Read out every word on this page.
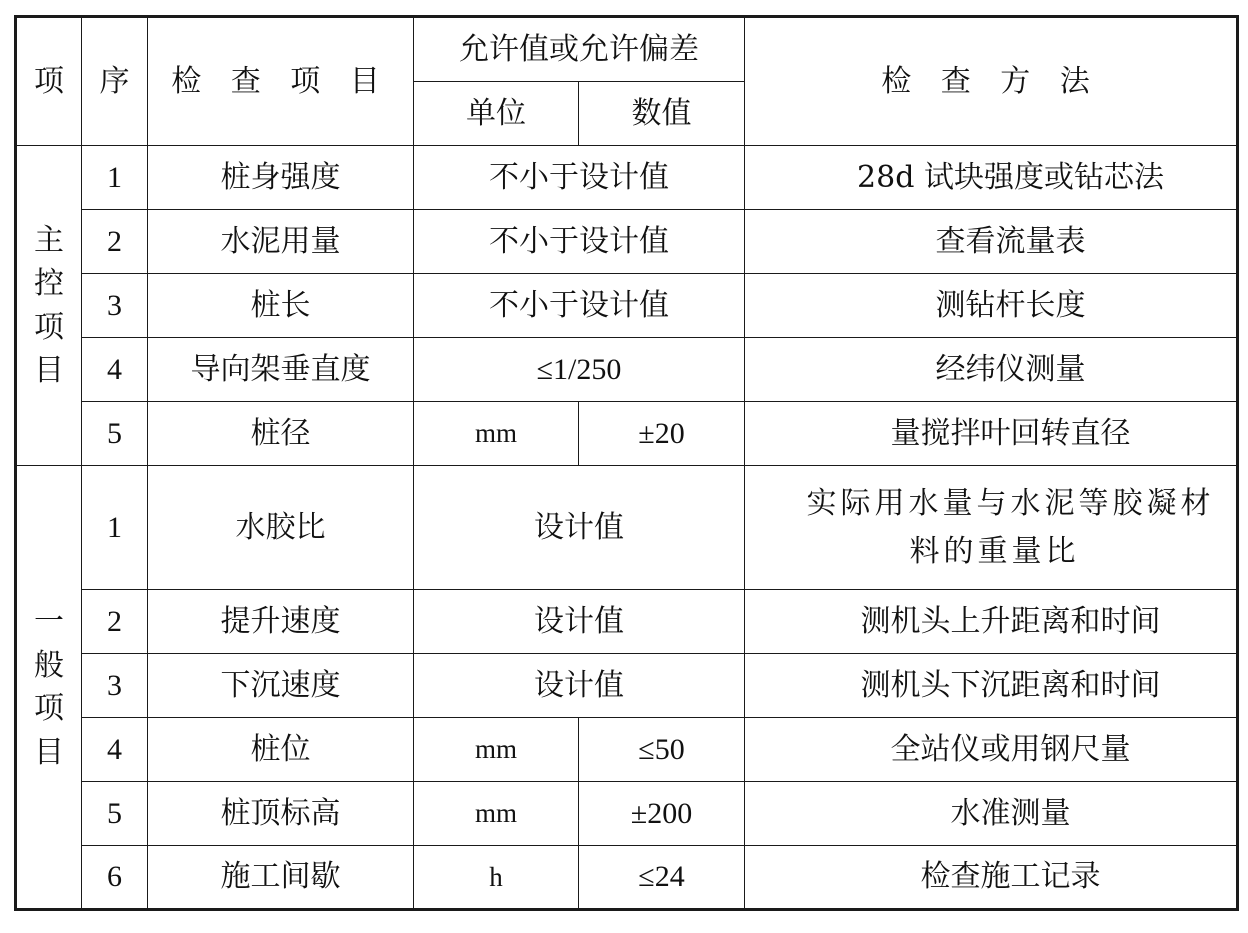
项	序	检 查 项 目	允许值或允许偏差		检 查 方 法
			单位	数值	
主控项目	1	桩身强度	不小于设计值		28d 试块强度或钻芯法
	2	水泥用量	不小于设计值		查看流量表
	3	桩长	不小于设计值		测钻杆长度
	4	导向架垂直度	≤1/250		经纬仪测量
	5	桩径	mm	±20	量搅拌叶回转直径
一般项目	1	水胶比	设计值		实际用水量与水泥等胶凝材料的重量比
	2	提升速度	设计值		测机头上升距离和时间
	3	下沉速度	设计值		测机头下沉距离和时间
	4	桩位	mm	≤50	全站仪或用钢尺量
	5	桩顶标高	mm	±200	水准测量
	6	施工间歇	h	≤24	检查施工记录
